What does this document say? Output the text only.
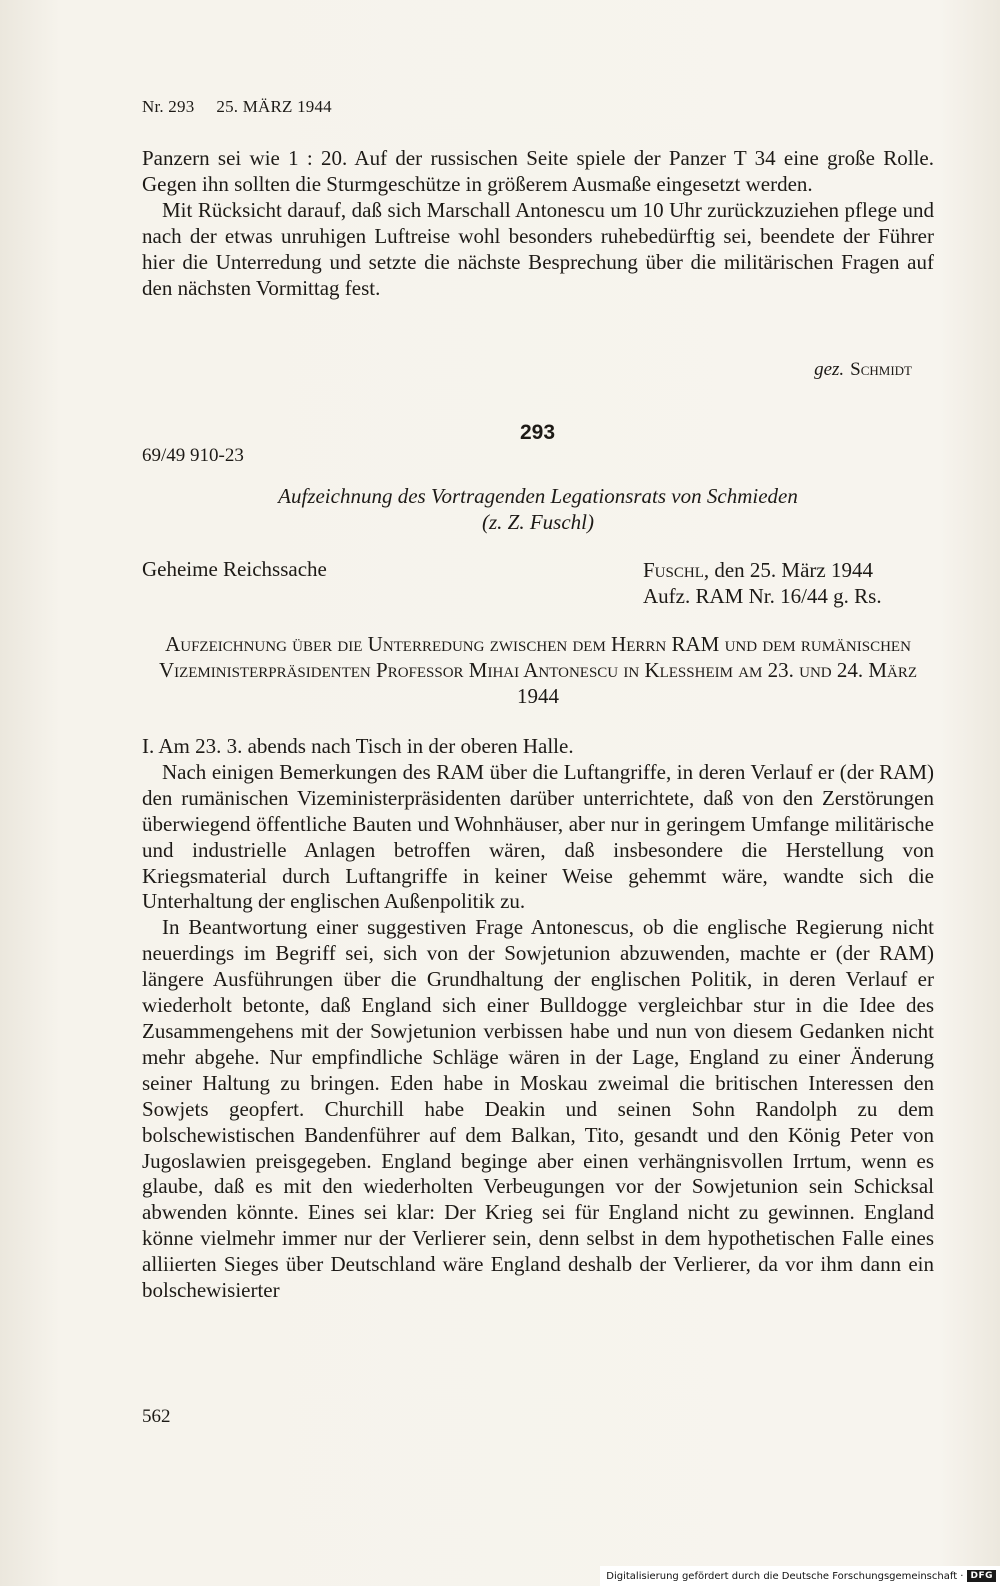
Nr. 293 25. MÄRZ 1944

Panzern sei wie 1 : 20. Auf der russischen Seite spiele der Panzer T 34 eine große Rolle. Gegen ihn sollten die Sturmgeschütze in größerem Ausmaße eingesetzt werden.

Mit Rücksicht darauf, daß sich Marschall Antonescu um 10 Uhr zurückzuziehen pflege und nach der etwas unruhigen Luftreise wohl besonders ruhebedürftig sei, beendete der Führer hier die Unterredung und setzte die nächste Besprechung über die militärischen Fragen auf den nächsten Vormittag fest.

gez. Schmidt
293
69/49 910-23
Aufzeichnung des Vortragenden Legationsrats von Schmieden
(z. Z. Fuschl)
Geheime Reichssache	Fuschl, den 25. März 1944
Aufz. RAM Nr. 16/44 g. Rs.
Aufzeichnung über die Unterredung zwischen dem Herrn RAM und dem rumänischen Vizeministerpräsidenten Professor Mihai Antonescu in Klessheim am 23. und 24. März 1944

I. Am 23. 3. abends nach Tisch in der oberen Halle.

Nach einigen Bemerkungen des RAM über die Luftangriffe, in deren Verlauf er (der RAM) den rumänischen Vizeministerpräsidenten darüber unterrichtete, daß von den Zerstörungen überwiegend öffentliche Bauten und Wohnhäuser, aber nur in geringem Umfange militärische und industrielle Anlagen betroffen wären, daß insbesondere die Herstellung von Kriegsmaterial durch Luftangriffe in keiner Weise gehemmt wäre, wandte sich die Unterhaltung der englischen Außenpolitik zu.

In Beantwortung einer suggestiven Frage Antonescus, ob die englische Regierung nicht neuerdings im Begriff sei, sich von der Sowjetunion abzuwenden, machte er (der RAM) längere Ausführungen über die Grundhaltung der englischen Politik, in deren Verlauf er wiederholt betonte, daß England sich einer Bulldogge vergleichbar stur in die Idee des Zusammengehens mit der Sowjetunion verbissen habe und nun von diesem Gedanken nicht mehr abgehe. Nur empfindliche Schläge wären in der Lage, England zu einer Änderung seiner Haltung zu bringen. Eden habe in Moskau zweimal die britischen Interessen den Sowjets geopfert. Churchill habe Deakin und seinen Sohn Randolph zu dem bolschewistischen Bandenführer auf dem Balkan, Tito, gesandt und den König Peter von Jugoslawien preisgegeben. England beginge aber einen verhängnisvollen Irrtum, wenn es glaube, daß es mit den wiederholten Verbeugungen vor der Sowjetunion sein Schicksal abwenden könnte. Eines sei klar: Der Krieg sei für England nicht zu gewinnen. England könne vielmehr immer nur der Verlierer sein, denn selbst in dem hypothetischen Falle eines alliierten Sieges über Deutschland wäre England deshalb der Verlierer, da vor ihm dann ein bolschewisierter

562
Digitalisierung gefördert durch die Deutsche Forschungsgemeinschaft · DFG
